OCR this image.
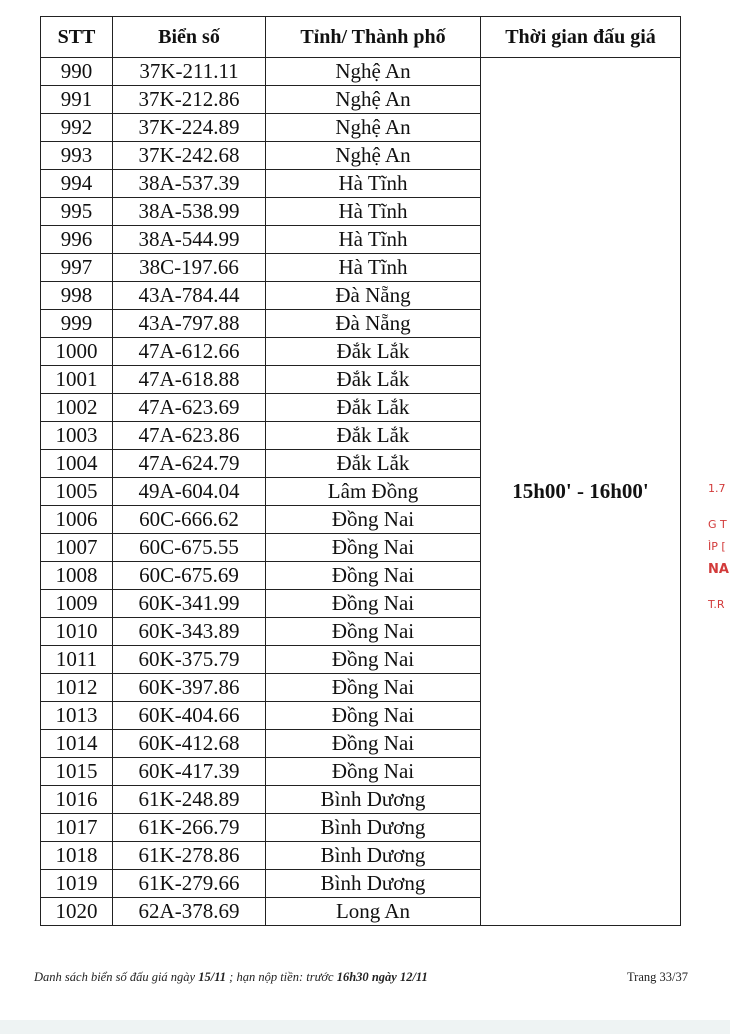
STT	Biển số	Tỉnh/ Thành phố	Thời gian đấu giá
990	37K-211.11	Nghệ An	15h00' - 16h00'
991	37K-212.86	Nghệ An	
992	37K-224.89	Nghệ An	
993	37K-242.68	Nghệ An	
994	38A-537.39	Hà Tĩnh	
995	38A-538.99	Hà Tĩnh	
996	38A-544.99	Hà Tĩnh	
997	38C-197.66	Hà Tĩnh	
998	43A-784.44	Đà Nẵng	
999	43A-797.88	Đà Nẵng	
1000	47A-612.66	Đắk Lắk	
1001	47A-618.88	Đắk Lắk	
1002	47A-623.69	Đắk Lắk	
1003	47A-623.86	Đắk Lắk	
1004	47A-624.79	Đắk Lắk	
1005	49A-604.04	Lâm Đồng	
1006	60C-666.62	Đồng Nai	
1007	60C-675.55	Đồng Nai	
1008	60C-675.69	Đồng Nai	
1009	60K-341.99	Đồng Nai	
1010	60K-343.89	Đồng Nai	
1011	60K-375.79	Đồng Nai	
1012	60K-397.86	Đồng Nai	
1013	60K-404.66	Đồng Nai	
1014	60K-412.68	Đồng Nai	
1015	60K-417.39	Đồng Nai	
1016	61K-248.89	Bình Dương	
1017	61K-266.79	Bình Dương	
1018	61K-278.86	Bình Dương	
1019	61K-279.66	Bình Dương	
1020	62A-378.69	Long An	
Danh sách biển số đấu giá ngày 15/11 ; hạn nộp tiền: trước 16h30 ngày 12/11	Trang 33/37
1.7
G T
ÌP [
NA
T.R
